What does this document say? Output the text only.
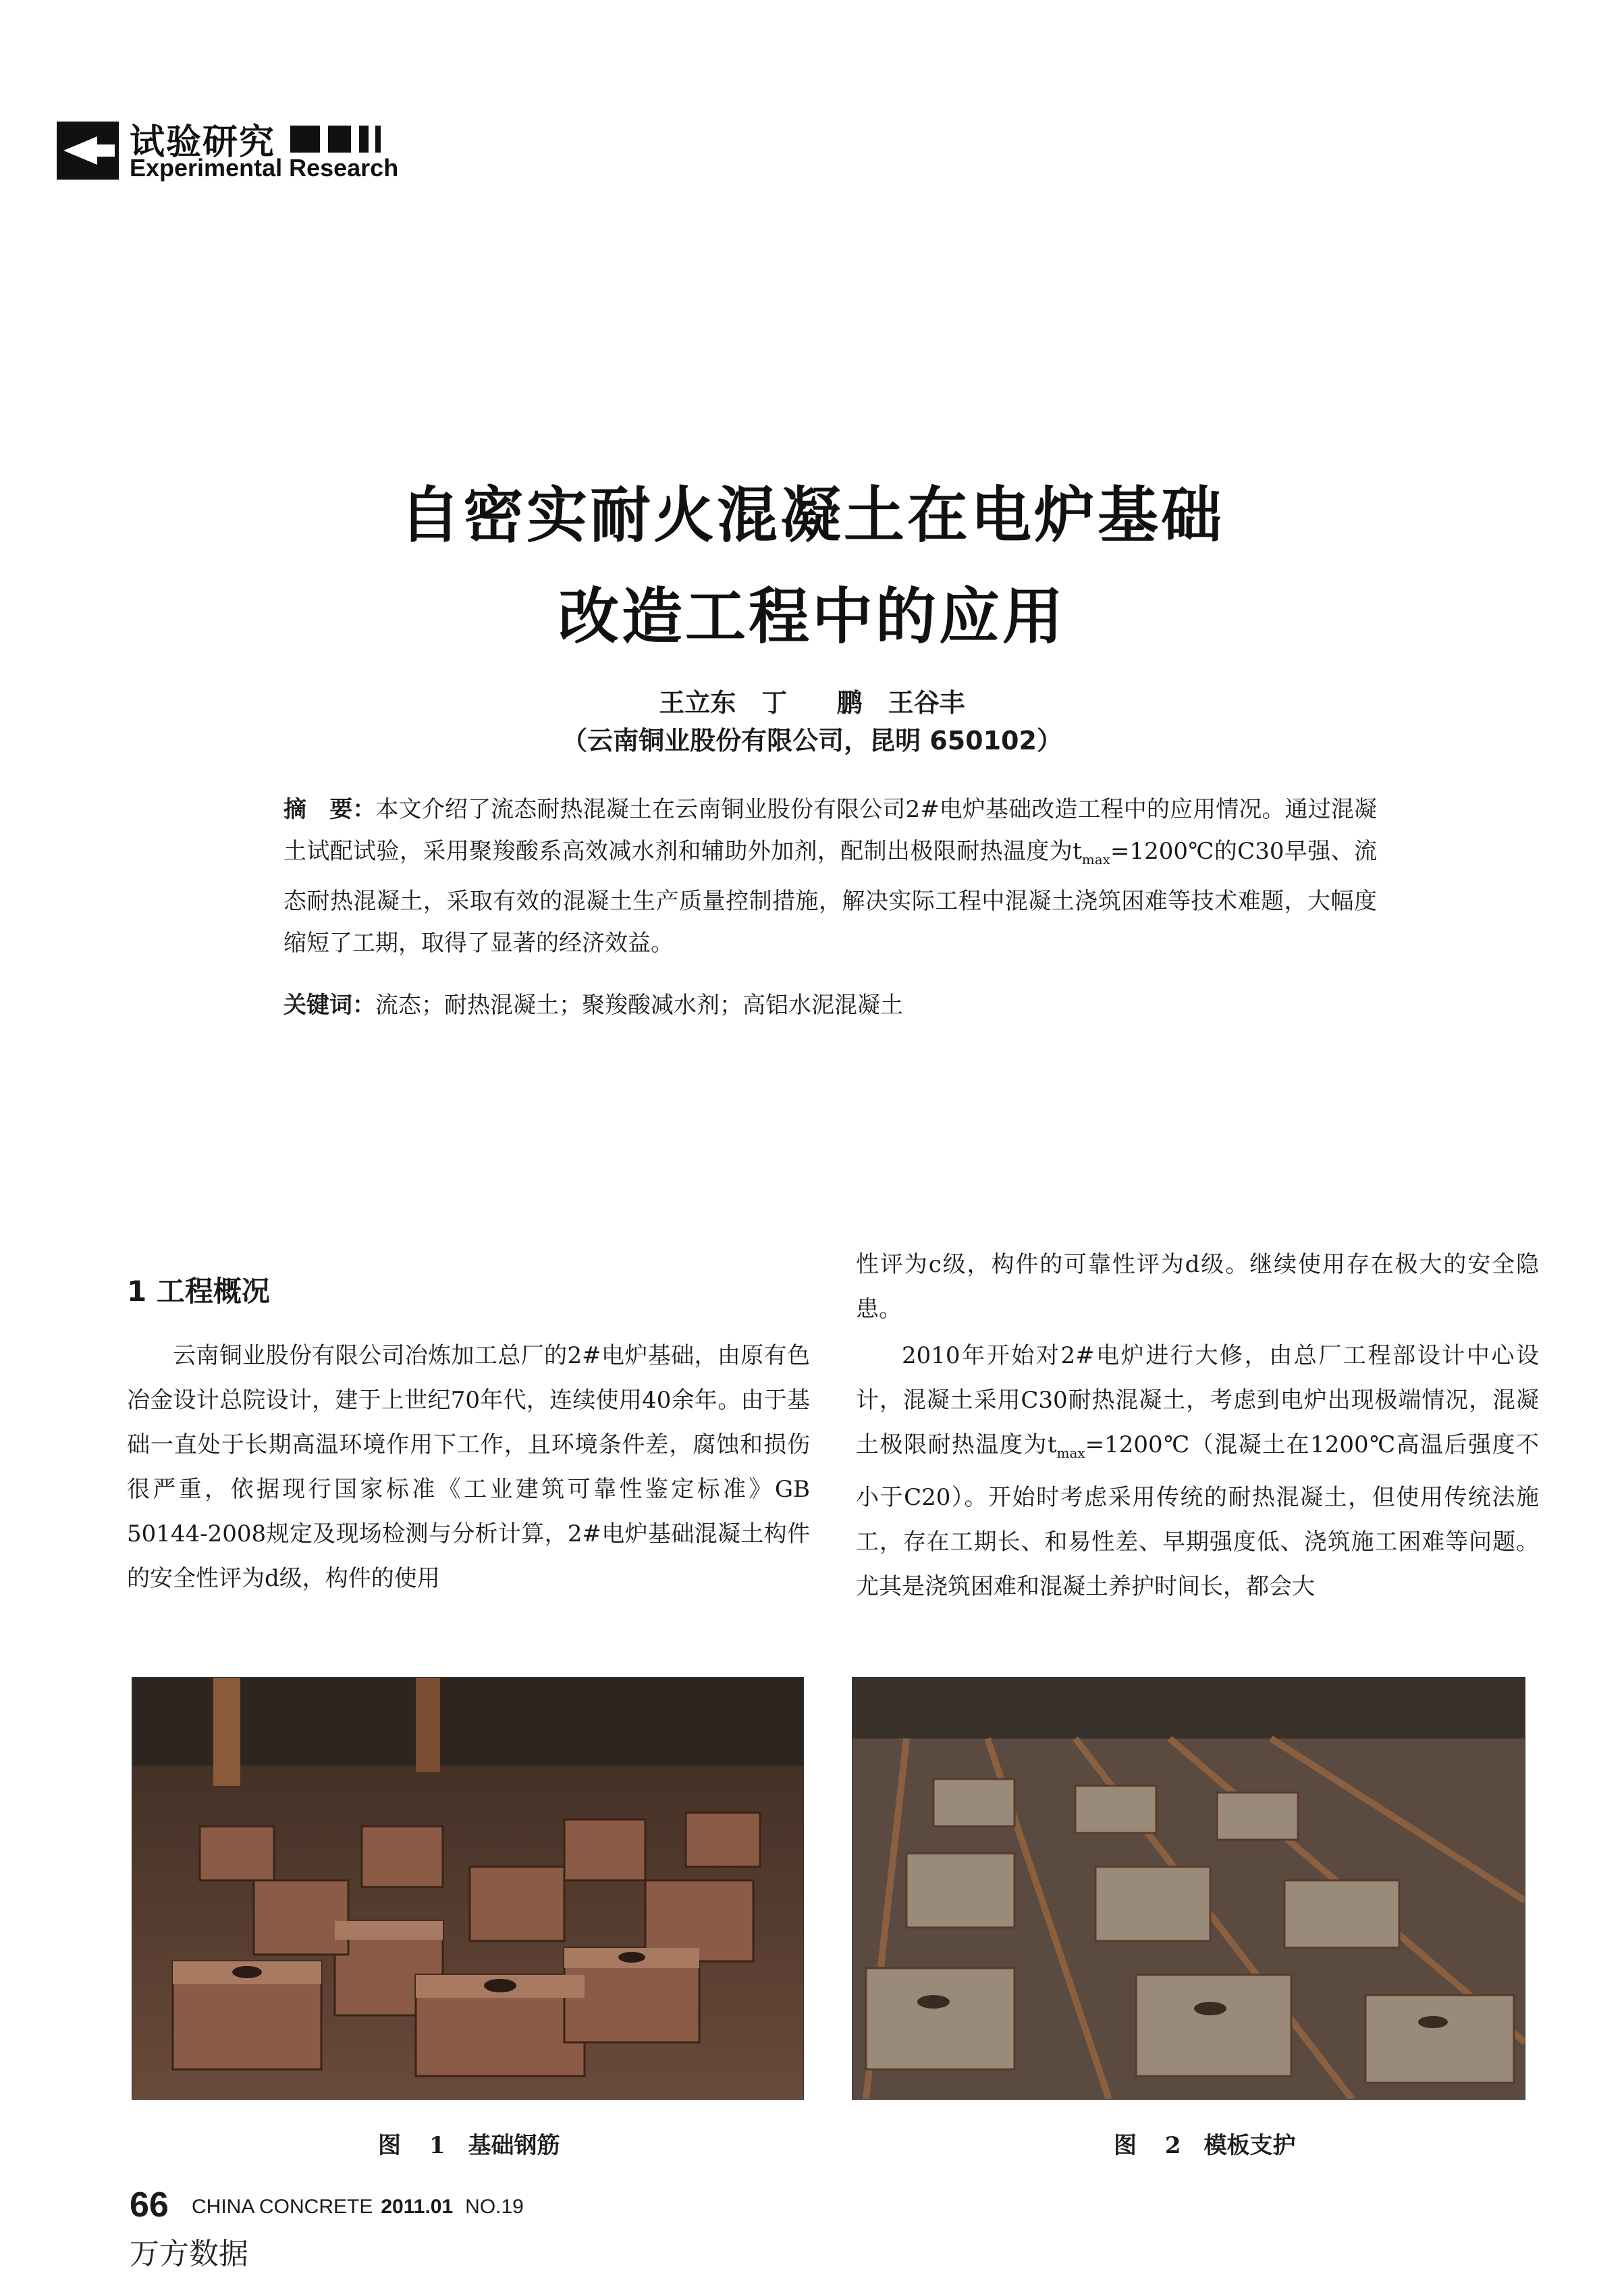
试验研究
Experimental Research
自密实耐火混凝土在电炉基础
改造工程中的应用
王立东　丁 鹏　王谷丰
（云南铜业股份有限公司，昆明 650102）
摘　要：本文介绍了流态耐热混凝土在云南铜业股份有限公司2#电炉基础改造工程中的应用情况。通过混凝土试配试验，采用聚羧酸系高效减水剂和辅助外加剂，配制出极限耐热温度为$t_{max}=1200℃$的C30早强、流态耐热混凝土，采取有效的混凝土生产质量控制措施，解决实际工程中混凝土浇筑困难等技术难题，大幅度缩短了工期，取得了显著的经济效益。
关键词：流态；耐热混凝土；聚羧酸减水剂；高铝水泥混凝土
1 工程概况

云南铜业股份有限公司冶炼加工总厂的2#电炉基础，由原有色冶金设计总院设计，建于上世纪70年代，连续使用40余年。由于基础一直处于长期高温环境作用下工作，且环境条件差，腐蚀和损伤很严重，依据现行国家标准《工业建筑可靠性鉴定标准》GB 50144-2008规定及现场检测与分析计算，2#电炉基础混凝土构件的安全性评为d级，构件的使用

性评为c级，构件的可靠性评为d级。继续使用存在极大的安全隐患。

2010年开始对2#电炉进行大修，由总厂工程部设计中心设计，混凝土采用C30耐热混凝土，考虑到电炉出现极端情况，混凝土极限耐热温度为$t_{max}=1200℃$（混凝土在1200℃高温后强度不小于C20）。开始时考虑采用传统的耐热混凝土，但使用传统法施工，存在工期长、和易性差、早期强度低、浇筑施工困难等问题。尤其是浇筑困难和混凝土养护时间长，都会大

图 1　基础钢筋	图 2　模板支护
66 CHINA CONCRETE 2011.01 NO.19
万方数据
